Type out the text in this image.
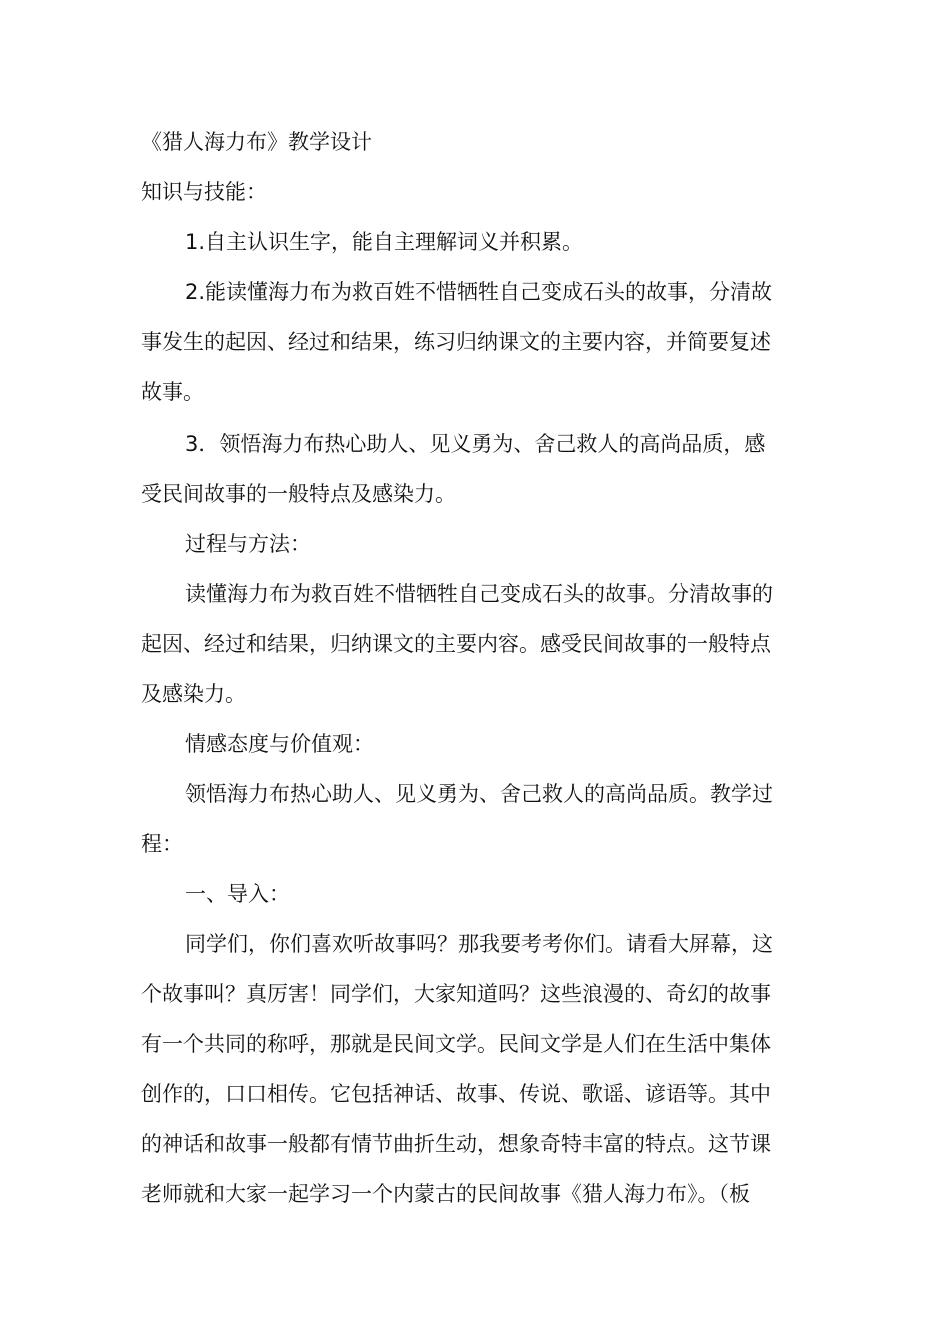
《猎人海力布》教学设计
知识与技能：
1.自主认识生字，能自主理解词义并积累。
2.能读懂海力布为救百姓不惜牺牲自己变成石头的故事，分清故
事发生的起因、经过和结果，练习归纳课文的主要内容，并简要复述
故事。
3．领悟海力布热心助人、见义勇为、舍己救人的高尚品质，感
受民间故事的一般特点及感染力。
过程与方法：
读懂海力布为救百姓不惜牺牲自己变成石头的故事。分清故事的
起因、经过和结果，归纳课文的主要内容。感受民间故事的一般特点
及感染力。
情感态度与价值观：
领悟海力布热心助人、见义勇为、舍己救人的高尚品质。教学过
程：
一、导入：
同学们，你们喜欢听故事吗？那我要考考你们。请看大屏幕，这
个故事叫？真厉害！同学们，大家知道吗？这些浪漫的、奇幻的故事
有一个共同的称呼，那就是民间文学。民间文学是人们在生活中集体
创作的，口口相传。它包括神话、故事、传说、歌谣、谚语等。其中
的神话和故事一般都有情节曲折生动，想象奇特丰富的特点。这节课
老师就和大家一起学习一个内蒙古的民间故事《猎人海力布》。（板
